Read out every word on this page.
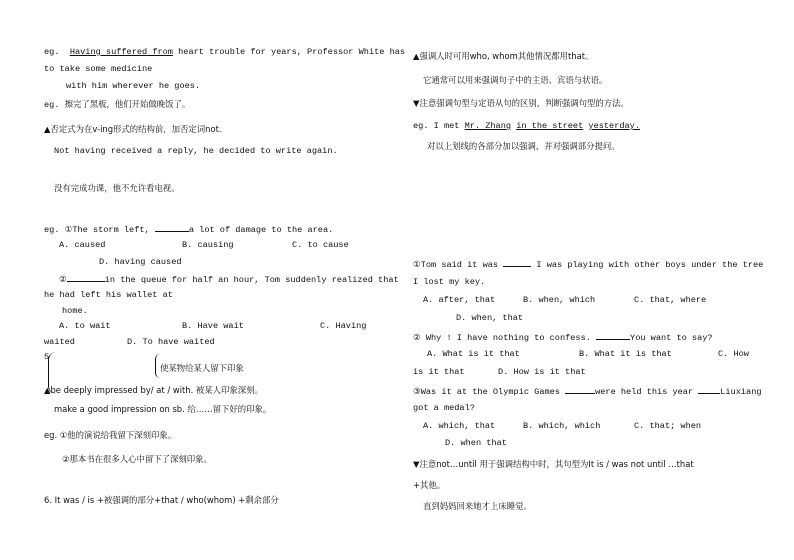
eg. Having suffered from heart trouble for years, Professor White has
to take some medicine
with him wherever he goes.
eg. 擦完了黑板，他们开始做晚饭了。
▲否定式为在v-ing形式的结构前，加否定词not.
Not having received a reply, he decided to write again.
没有完成功课，他不允许看电视。
eg. ①The storm left,	a lot of damage to the area.
A. caused	B. causing	C. to cause
D. having caused
②	in the queue for half an hour, Tom suddenly realized that
he had left his wallet at
home.
A. to wait	B. Have wait	C. Having
waited	D. To have waited
5
使某物给某人留下印象
▲be deeply impressed by/ at / with. 被某人印象深刻。
make a good impression on sb. 给……留下好的印象。
eg. ①他的演说给我留下深刻印象。
②那本书在很多人心中留下了深刻印象。
6. It was / is +被强调的部分+that / who(whom) +剩余部分
▲强调人时可用who, whom其他情况都用that。
它通常可以用来强调句子中的主语、宾语与状语。
▼注意强调句型与定语从句的区别，判断强调句型的方法。
eg. I met Mr. Zhang in the street yesterday.
对以上划线的各部分加以强调，并对强调部分提问。
①Tom said it was	I was playing with other boys under the tree
I lost my key.
A. after, that	B. when, which	C. that, where
D. when, that
② Why ! I have nothing to confess.	You want to say?
A. What is it that	B. What it is that	C. How
is it that	D. How is it that
③Was it at the Olympic Games	were held this year	Liuxiang
got a medal?
A. which, that	B. which, which	C. that; when
D. when that
▼注意not…until 用于强调结构中时，其句型为It is / was not until …that
+其他。
直到妈妈回来她才上床睡觉。
